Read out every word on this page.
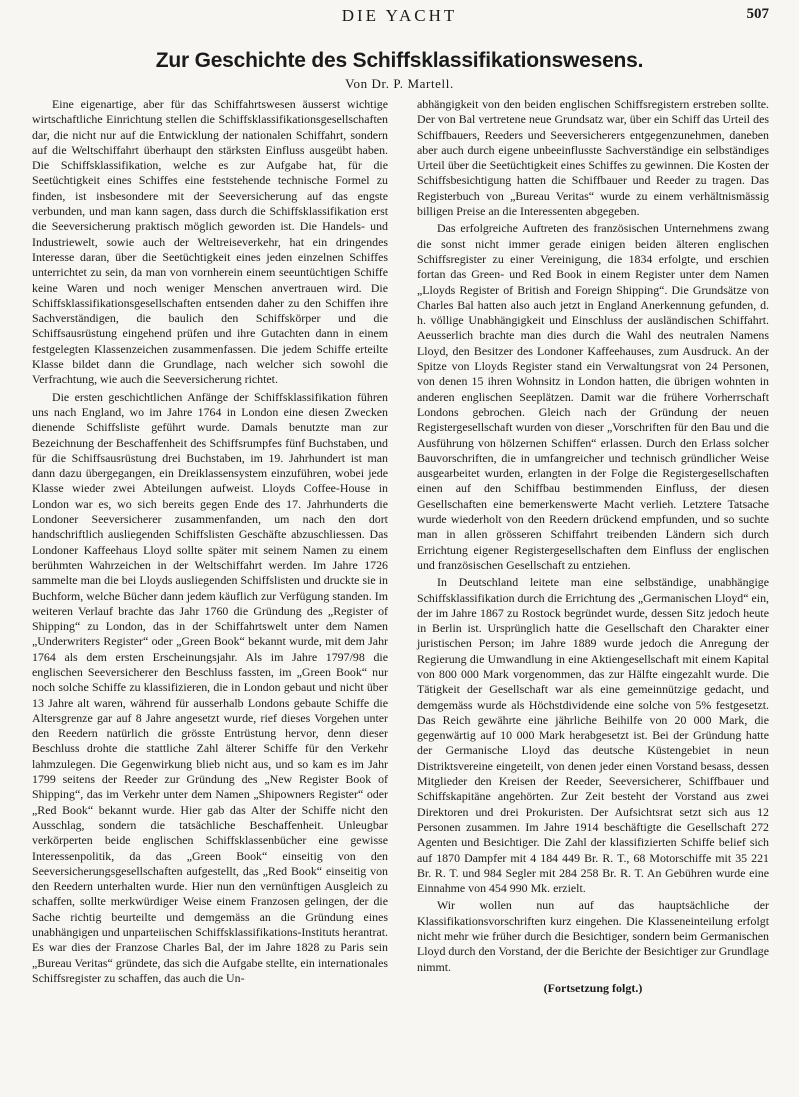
DIE YACHT	507
Zur Geschichte des Schiffsklassifikationswesens.
Von Dr. P. Martell.

Eine eigenartige, aber für das Schiffahrtswesen äusserst wichtige wirtschaftliche Einrichtung stellen die Schiffsklassifikationsgesellschaften dar, die nicht nur auf die Entwicklung der nationalen Schiffahrt, sondern auf die Weltschiffahrt überhaupt den stärksten Einfluss ausgeübt haben. Die Schiffsklassifikation, welche es zur Aufgabe hat, für die Seetüchtigkeit eines Schiffes eine feststehende technische Formel zu finden, ist insbesondere mit der Seeversicherung auf das engste verbunden, und man kann sagen, dass durch die Schiffsklassifikation erst die Seeversicherung praktisch möglich geworden ist. Die Handels- und Industriewelt, sowie auch der Weltreiseverkehr, hat ein dringendes Interesse daran, über die Seetüchtigkeit eines jeden einzelnen Schiffes unterrichtet zu sein, da man von vornherein einem seeuntüchtigen Schiffe keine Waren und noch weniger Menschen anvertrauen wird. Die Schiffsklassifikationsgesellschaften entsenden daher zu den Schiffen ihre Sachverständigen, die baulich den Schiffskörper und die Schiffsausrüstung eingehend prüfen und ihre Gutachten dann in einem festgelegten Klassenzeichen zusammenfassen. Die jedem Schiffe erteilte Klasse bildet dann die Grundlage, nach welcher sich sowohl die Verfrachtung, wie auch die Seeversicherung richtet.

Die ersten geschichtlichen Anfänge der Schiffsklassifikation führen uns nach England, wo im Jahre 1764 in London eine diesen Zwecken dienende Schiffsliste geführt wurde. Damals benutzte man zur Bezeichnung der Beschaffenheit des Schiffsrumpfes fünf Buchstaben, und für die Schiffsausrüstung drei Buchstaben, im 19. Jahrhundert ist man dann dazu übergegangen, ein Dreiklassensystem einzuführen, wobei jede Klasse wieder zwei Abteilungen aufweist. Lloyds Coffee-House in London war es, wo sich bereits gegen Ende des 17. Jahrhunderts die Londoner Seeversicherer zusammenfanden, um nach den dort handschriftlich ausliegenden Schiffslisten Geschäfte abzuschliessen. Das Londoner Kaffeehaus Lloyd sollte später mit seinem Namen zu einem berühmten Wahrzeichen in der Weltschiffahrt werden. Im Jahre 1726 sammelte man die bei Lloyds ausliegenden Schiffslisten und druckte sie in Buchform, welche Bücher dann jedem käuflich zur Verfügung standen. Im weiteren Verlauf brachte das Jahr 1760 die Gründung des „Register of Shipping“ zu London, das in der Schiffahrtswelt unter dem Namen „Underwriters Register“ oder „Green Book“ bekannt wurde, mit dem Jahr 1764 als dem ersten Erscheinungsjahr. Als im Jahre 1797/98 die englischen Seeversicherer den Beschluss fassten, im „Green Book“ nur noch solche Schiffe zu klassifizieren, die in London gebaut und nicht über 13 Jahre alt waren, während für ausserhalb Londons gebaute Schiffe die Altersgrenze gar auf 8 Jahre angesetzt wurde, rief dieses Vorgehen unter den Reedern natürlich die grösste Entrüstung hervor, denn dieser Beschluss drohte die stattliche Zahl älterer Schiffe für den Verkehr lahmzulegen. Die Gegenwirkung blieb nicht aus, und so kam es im Jahr 1799 seitens der Reeder zur Gründung des „New Register Book of Shipping“, das im Verkehr unter dem Namen „Shipowners Register“ oder „Red Book“ bekannt wurde. Hier gab das Alter der Schiffe nicht den Ausschlag, sondern die tatsächliche Beschaffenheit. Unleugbar verkörperten beide englischen Schiffsklassenbücher eine gewisse Interessenpolitik, da das „Green Book“ einseitig von den Seeversicherungsgesellschaften aufgestellt, das „Red Book“ einseitig von den Reedern unterhalten wurde. Hier nun den vernünftigen Ausgleich zu schaffen, sollte merkwürdiger Weise einem Franzosen gelingen, der die Sache richtig beurteilte und demgemäss an die Gründung eines unabhängigen und unparteiischen Schiffsklassifikations-Instituts herantrat. Es war dies der Franzose Charles Bal, der im Jahre 1828 zu Paris sein „Bureau Veritas“ gründete, das sich die Aufgabe stellte, ein internationales Schiffsregister zu schaffen, das auch die Un-

abhängigkeit von den beiden englischen Schiffsregistern erstreben sollte. Der von Bal vertretene neue Grundsatz war, über ein Schiff das Urteil des Schiffbauers, Reeders und Seeversicherers entgegenzunehmen, daneben aber auch durch eigene unbeeinflusste Sachverständige ein selbständiges Urteil über die Seetüchtigkeit eines Schiffes zu gewinnen. Die Kosten der Schiffsbesichtigung hatten die Schiffbauer und Reeder zu tragen. Das Registerbuch von „Bureau Veritas“ wurde zu einem verhältnismässig billigen Preise an die Interessenten abgegeben.

Das erfolgreiche Auftreten des französischen Unternehmens zwang die sonst nicht immer gerade einigen beiden älteren englischen Schiffsregister zu einer Vereinigung, die 1834 erfolgte, und erschien fortan das Green- und Red Book in einem Register unter dem Namen „Lloyds Register of British and Foreign Shipping“. Die Grundsätze von Charles Bal hatten also auch jetzt in England Anerkennung gefunden, d. h. völlige Unabhängigkeit und Einschluss der ausländischen Schiffahrt. Aeusserlich brachte man dies durch die Wahl des neutralen Namens Lloyd, den Besitzer des Londoner Kaffeehauses, zum Ausdruck. An der Spitze von Lloyds Register stand ein Verwaltungsrat von 24 Personen, von denen 15 ihren Wohnsitz in London hatten, die übrigen wohnten in anderen englischen Seeplätzen. Damit war die frühere Vorherrschaft Londons gebrochen. Gleich nach der Gründung der neuen Registergesellschaft wurden von dieser „Vorschriften für den Bau und die Ausführung von hölzernen Schiffen“ erlassen. Durch den Erlass solcher Bauvorschriften, die in umfangreicher und technisch gründlicher Weise ausgearbeitet wurden, erlangten in der Folge die Registergesellschaften einen auf den Schiffbau bestimmenden Einfluss, der diesen Gesellschaften eine bemerkenswerte Macht verlieh. Letztere Tatsache wurde wiederholt von den Reedern drückend empfunden, und so suchte man in allen grösseren Schiffahrt treibenden Ländern sich durch Errichtung eigener Registergesellschaften dem Einfluss der englischen und französischen Gesellschaft zu entziehen.

In Deutschland leitete man eine selbständige, unabhängige Schiffsklassifikation durch die Errichtung des „Germanischen Lloyd“ ein, der im Jahre 1867 zu Rostock begründet wurde, dessen Sitz jedoch heute in Berlin ist. Ursprünglich hatte die Gesellschaft den Charakter einer juristischen Person; im Jahre 1889 wurde jedoch die Anregung der Regierung die Umwandlung in eine Aktiengesellschaft mit einem Kapital von 800 000 Mark vorgenommen, das zur Hälfte eingezahlt wurde. Die Tätigkeit der Gesellschaft war als eine gemeinnützige gedacht, und demgemäss wurde als Höchstdividende eine solche von 5% festgesetzt. Das Reich gewährte eine jährliche Beihilfe von 20 000 Mark, die gegenwärtig auf 10 000 Mark herabgesetzt ist. Bei der Gründung hatte der Germanische Lloyd das deutsche Küstengebiet in neun Distriktsvereine eingeteilt, von denen jeder einen Vorstand besass, dessen Mitglieder den Kreisen der Reeder, Seeversicherer, Schiffbauer und Schiffskapitäne angehörten. Zur Zeit besteht der Vorstand aus zwei Direktoren und drei Prokuristen. Der Aufsichtsrat setzt sich aus 12 Personen zusammen. Im Jahre 1914 beschäftigte die Gesellschaft 272 Agenten und Besichtiger. Die Zahl der klassifizierten Schiffe belief sich auf 1870 Dampfer mit 4 184 449 Br. R. T., 68 Motorschiffe mit 35 221 Br. R. T. und 984 Segler mit 284 258 Br. R. T. An Gebühren wurde eine Einnahme von 454 990 Mk. erzielt.

Wir wollen nun auf das hauptsächliche der Klassifikationsvorschriften kurz eingehen. Die Klasseneinteilung erfolgt nicht mehr wie früher durch die Besichtiger, sondern beim Germanischen Lloyd durch den Vorstand, der die Berichte der Besichtiger zur Grundlage nimmt.

(Fortsetzung folgt.)
